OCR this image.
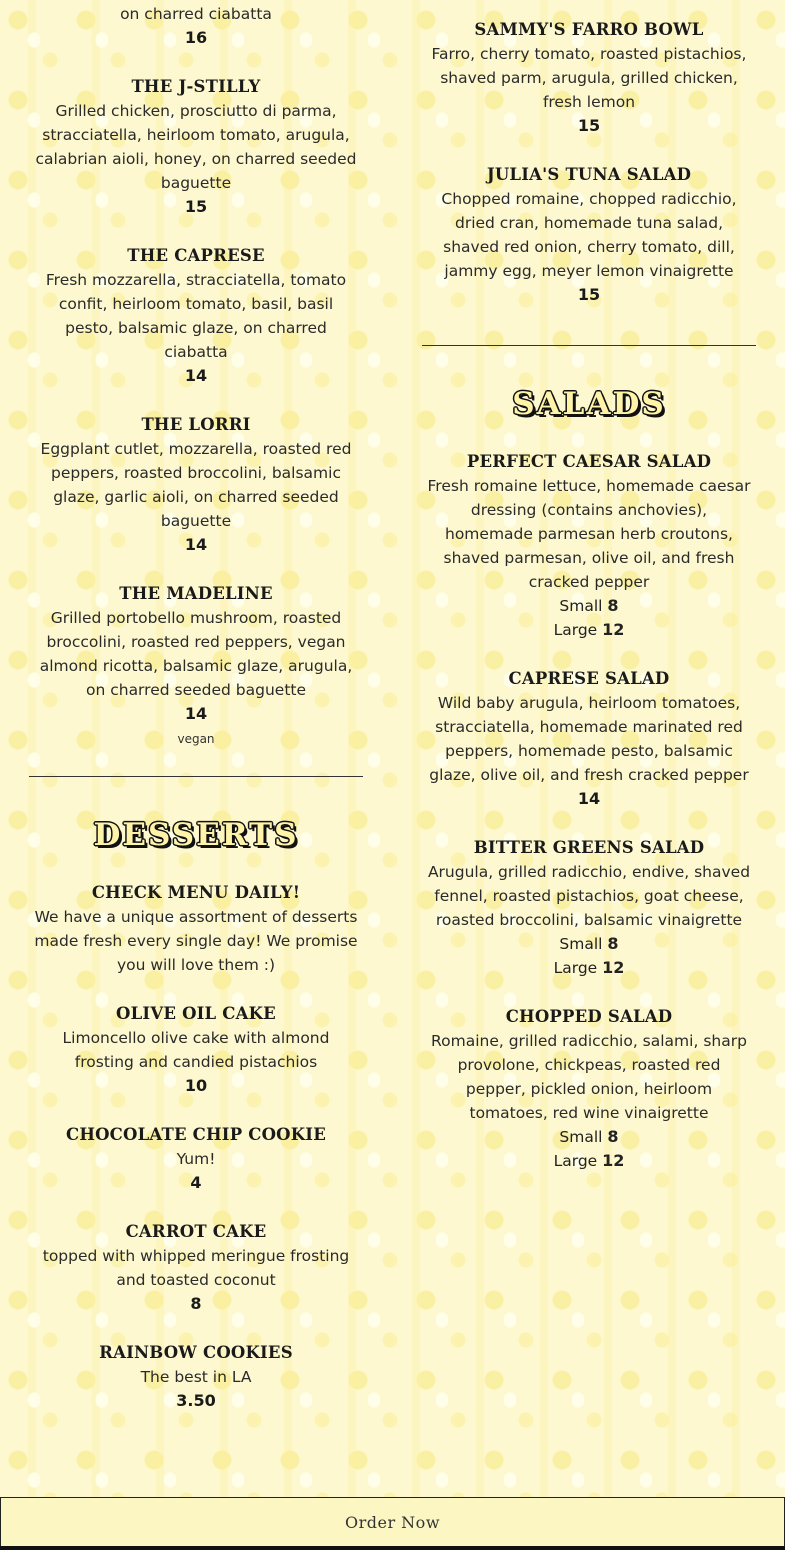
on charred ciabatta
16
THE J-STILLY
Grilled chicken, prosciutto di parma, stracciatella, heirloom tomato, arugula, calabrian aioli, honey, on charred seeded baguette
15
THE CAPRESE
Fresh mozzarella, stracciatella, tomato confit, heirloom tomato, basil, basil pesto, balsamic glaze, on charred ciabatta
14
THE LORRI
Eggplant cutlet, mozzarella, roasted red peppers, roasted broccolini, balsamic glaze, garlic aioli, on charred seeded baguette
14
THE MADELINE
Grilled portobello mushroom, roasted broccolini, roasted red peppers, vegan almond ricotta, balsamic glaze, arugula, on charred seeded baguette
14
vegan
DESSERTS
CHECK MENU DAILY!
We have a unique assortment of desserts made fresh every single day! We promise you will love them :)
OLIVE OIL CAKE
Limoncello olive cake with almond frosting and candied pistachios
10
CHOCOLATE CHIP COOKIE
Yum!
4
CARROT CAKE
topped with whipped meringue frosting and toasted coconut
8
RAINBOW COOKIES
The best in LA
3.50
SAMMY'S FARRO BOWL
Farro, cherry tomato, roasted pistachios, shaved parm, arugula, grilled chicken, fresh lemon
15
JULIA'S TUNA SALAD
Chopped romaine, chopped radicchio, dried cran, homemade tuna salad, shaved red onion, cherry tomato, dill, jammy egg, meyer lemon vinaigrette
15
SALADS
PERFECT CAESAR SALAD
Fresh romaine lettuce, homemade caesar dressing (contains anchovies), homemade parmesan herb croutons, shaved parmesan, olive oil, and fresh cracked pepper
Small 8
Large 12
CAPRESE SALAD
Wild baby arugula, heirloom tomatoes, stracciatella, homemade marinated red peppers, homemade pesto, balsamic glaze, olive oil, and fresh cracked pepper
14
BITTER GREENS SALAD
Arugula, grilled radicchio, endive, shaved fennel, roasted pistachios, goat cheese, roasted broccolini, balsamic vinaigrette
Small 8
Large 12
CHOPPED SALAD
Romaine, grilled radicchio, salami, sharp provolone, chickpeas, roasted red pepper, pickled onion, heirloom tomatoes, red wine vinaigrette
Small 8
Large 12
Order Now
